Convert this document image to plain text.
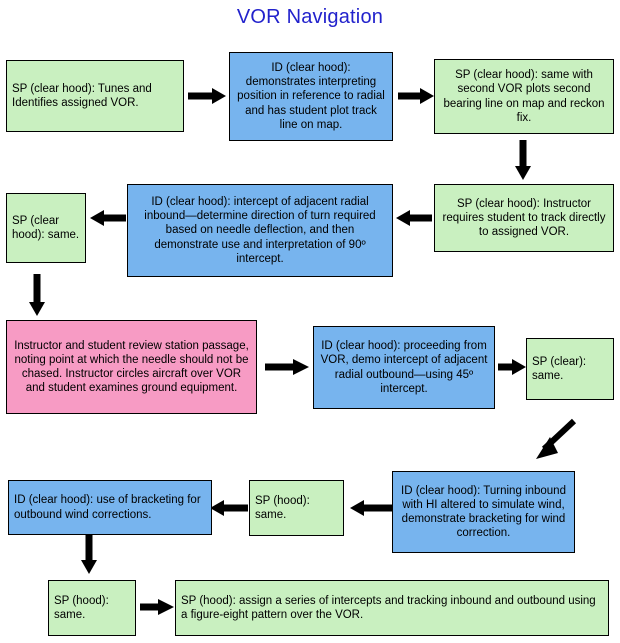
VOR Navigation
SP (clear hood): Tunes and Identifies assigned VOR.
ID (clear hood): demonstrates interpreting position in reference to radial and has student plot track line on map.
SP (clear hood): same with second VOR plots second bearing line on map and reckon fix.
SP (clear hood): Instructor requires student to track directly to assigned VOR.
ID (clear hood): intercept of adjacent radial inbound—determine direction of turn required based on needle deflection, and then demonstrate use and interpretation of 90º intercept.
SP (clear hood): same.
Instructor and student review station passage, noting point at which the needle should not be chased. Instructor circles aircraft over VOR and student examines ground equipment.
ID (clear hood): proceeding from VOR, demo intercept of adjacent radial outbound—using 45º intercept.
SP (clear): same.
ID (clear hood): Turning inbound with HI altered to simulate wind, demonstrate bracketing for wind correction.
SP (hood): same.
ID (clear hood): use of bracketing for outbound wind corrections.
SP (hood): same.
SP (hood): assign a series of intercepts and tracking inbound and outbound using a figure-eight pattern over the VOR.
